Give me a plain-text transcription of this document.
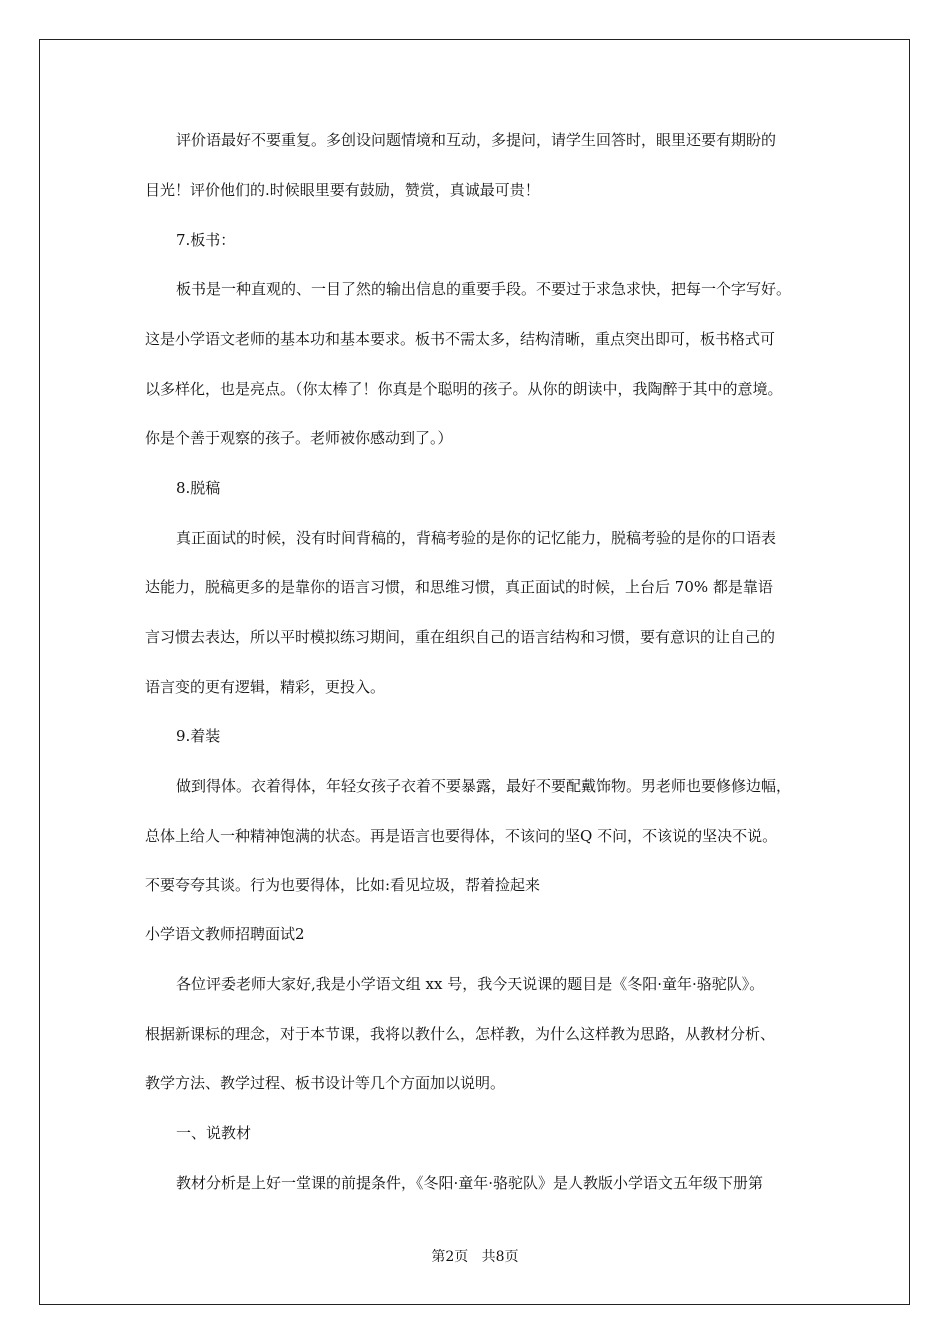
评价语最好不要重复。多创设问题情境和互动，多提问，请学生回答时，眼里还要有期盼的
目光！评价他们的.时候眼里要有鼓励，赞赏，真诚最可贵！
7.板书：
板书是一种直观的、一目了然的输出信息的重要手段。不要过于求急求快，把每一个字写好。
这是小学语文老师的基本功和基本要求。板书不需太多，结构清晰，重点突出即可，板书格式可
以多样化，也是亮点。（你太棒了！你真是个聪明的孩子。从你的朗读中，我陶醉于其中的意境。
你是个善于观察的孩子。老师被你感动到了。）
8.脱稿
真正面试的时候，没有时间背稿的，背稿考验的是你的记忆能力，脱稿考验的是你的口语表
达能力，脱稿更多的是靠你的语言习惯，和思维习惯，真正面试的时候，上台后 70% 都是靠语
言习惯去表达，所以平时模拟练习期间，重在组织自己的语言结构和习惯，要有意识的让自己的
语言变的更有逻辑，精彩，更投入。
9.着装
做到得体。衣着得体，年轻女孩子衣着不要暴露，最好不要配戴饰物。男老师也要修修边幅，
总体上给人一种精神饱满的状态。再是语言也要得体，不该问的坚Q 不问，不该说的坚决不说。
不要夸夸其谈。行为也要得体，比如:看见垃圾，帮着捡起来
小学语文教师招聘面试2
各位评委老师大家好,我是小学语文组 xx 号，我今天说课的题目是《冬阳·童年·骆驼队》。
根据新课标的理念，对于本节课，我将以教什么，怎样教，为什么这样教为思路，从教材分析、
教学方法、教学过程、板书设计等几个方面加以说明。
一、说教材
教材分析是上好一堂课的前提条件，《冬阳·童年·骆驼队》是人教版小学语文五年级下册第
第2页 共8页
